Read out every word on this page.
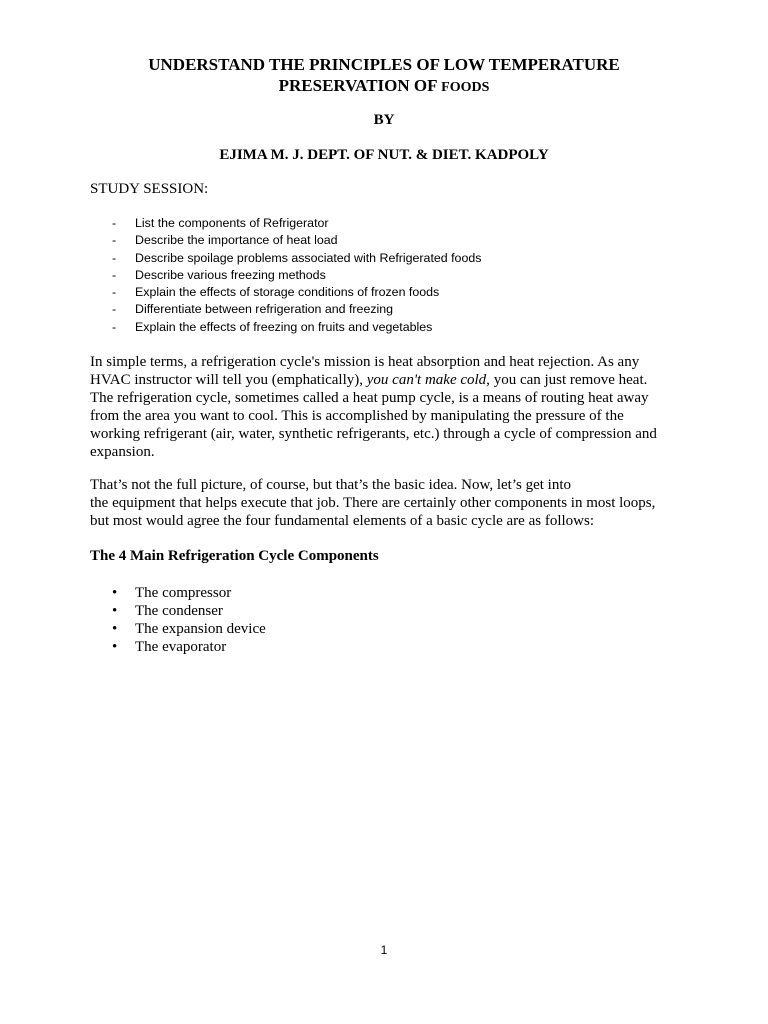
UNDERSTAND THE PRINCIPLES OF LOW TEMPERATURE
PRESERVATION OF FOODS
BY
EJIMA M. J. DEPT. OF NUT. & DIET. KADPOLY
STUDY SESSION:
- List the components of Refrigerator
- Describe the importance of heat load
- Describe spoilage problems associated with Refrigerated foods
- Describe various freezing methods
- Explain the effects of storage conditions of frozen foods
- Differentiate between refrigeration and freezing
- Explain the effects of freezing on fruits and vegetables

In simple terms, a refrigeration cycle's mission is heat absorption and heat rejection. As any HVAC instructor will tell you (emphatically), you can't make cold, you can just remove heat. The refrigeration cycle, sometimes called a heat pump cycle, is a means of routing heat away from the area you want to cool. This is accomplished by manipulating the pressure of the working refrigerant (air, water, synthetic refrigerants, etc.) through a cycle of compression and expansion.

That’s not the full picture, of course, but that’s the basic idea. Now, let’s get into
the equipment that helps execute that job. There are certainly other components in most loops, but most would agree the four fundamental elements of a basic cycle are as follows:

The 4 Main Refrigeration Cycle Components
• The compressor
• The condenser
• The expansion device
• The evaporator
1
